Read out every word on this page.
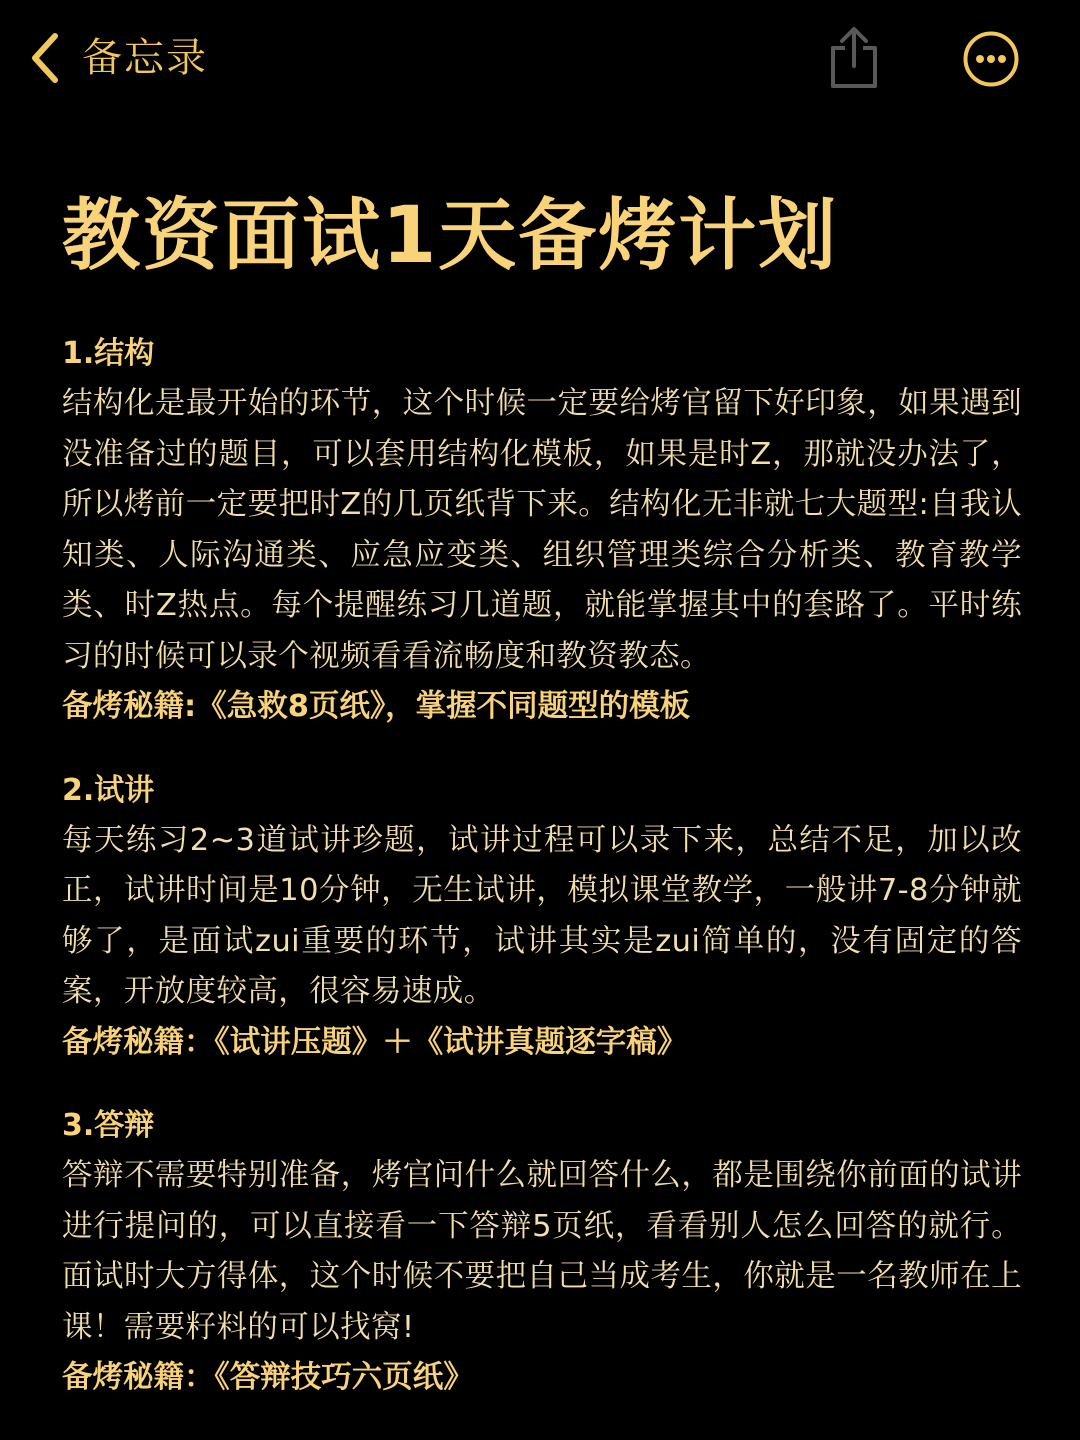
备忘录
教资面试1天备烤计划

1.结构

结构化是最开始的环节，这个时候一定要给烤官留下好印象，如果遇到没准备过的题目，可以套用结构化模板，如果是时Z，那就没办法了，所以烤前一定要把时Z的几页纸背下来。结构化无非就七大题型:自我认知类、人际沟通类、应急应变类、组织管理类综合分析类、教育教学类、时Z热点。每个提醒练习几道题，就能掌握其中的套路了。平时练习的时候可以录个视频看看流畅度和教资教态。

备烤秘籍:《急救8页纸》，掌握不同题型的模板

2.试讲

每天练习2~3道试讲珍题，试讲过程可以录下来，总结不足，加以改正，试讲时间是10分钟，无生试讲，模拟课堂教学，一般讲7-8分钟就够了，是面试zui重要的环节，试讲其实是zui简单的，没有固定的答案，开放度较高，很容易速成。

备烤秘籍：《试讲压题》＋《试讲真题逐字稿》

3.答辩

答辩不需要特别准备，烤官问什么就回答什么，都是围绕你前面的试讲进行提问的，可以直接看一下答辩5页纸，看看别人怎么回答的就行。面试时大方得体，这个时候不要把自己当成考生，你就是一名教师在上课！需要籽料的可以找窝!

备烤秘籍：《答辩技巧六页纸》
